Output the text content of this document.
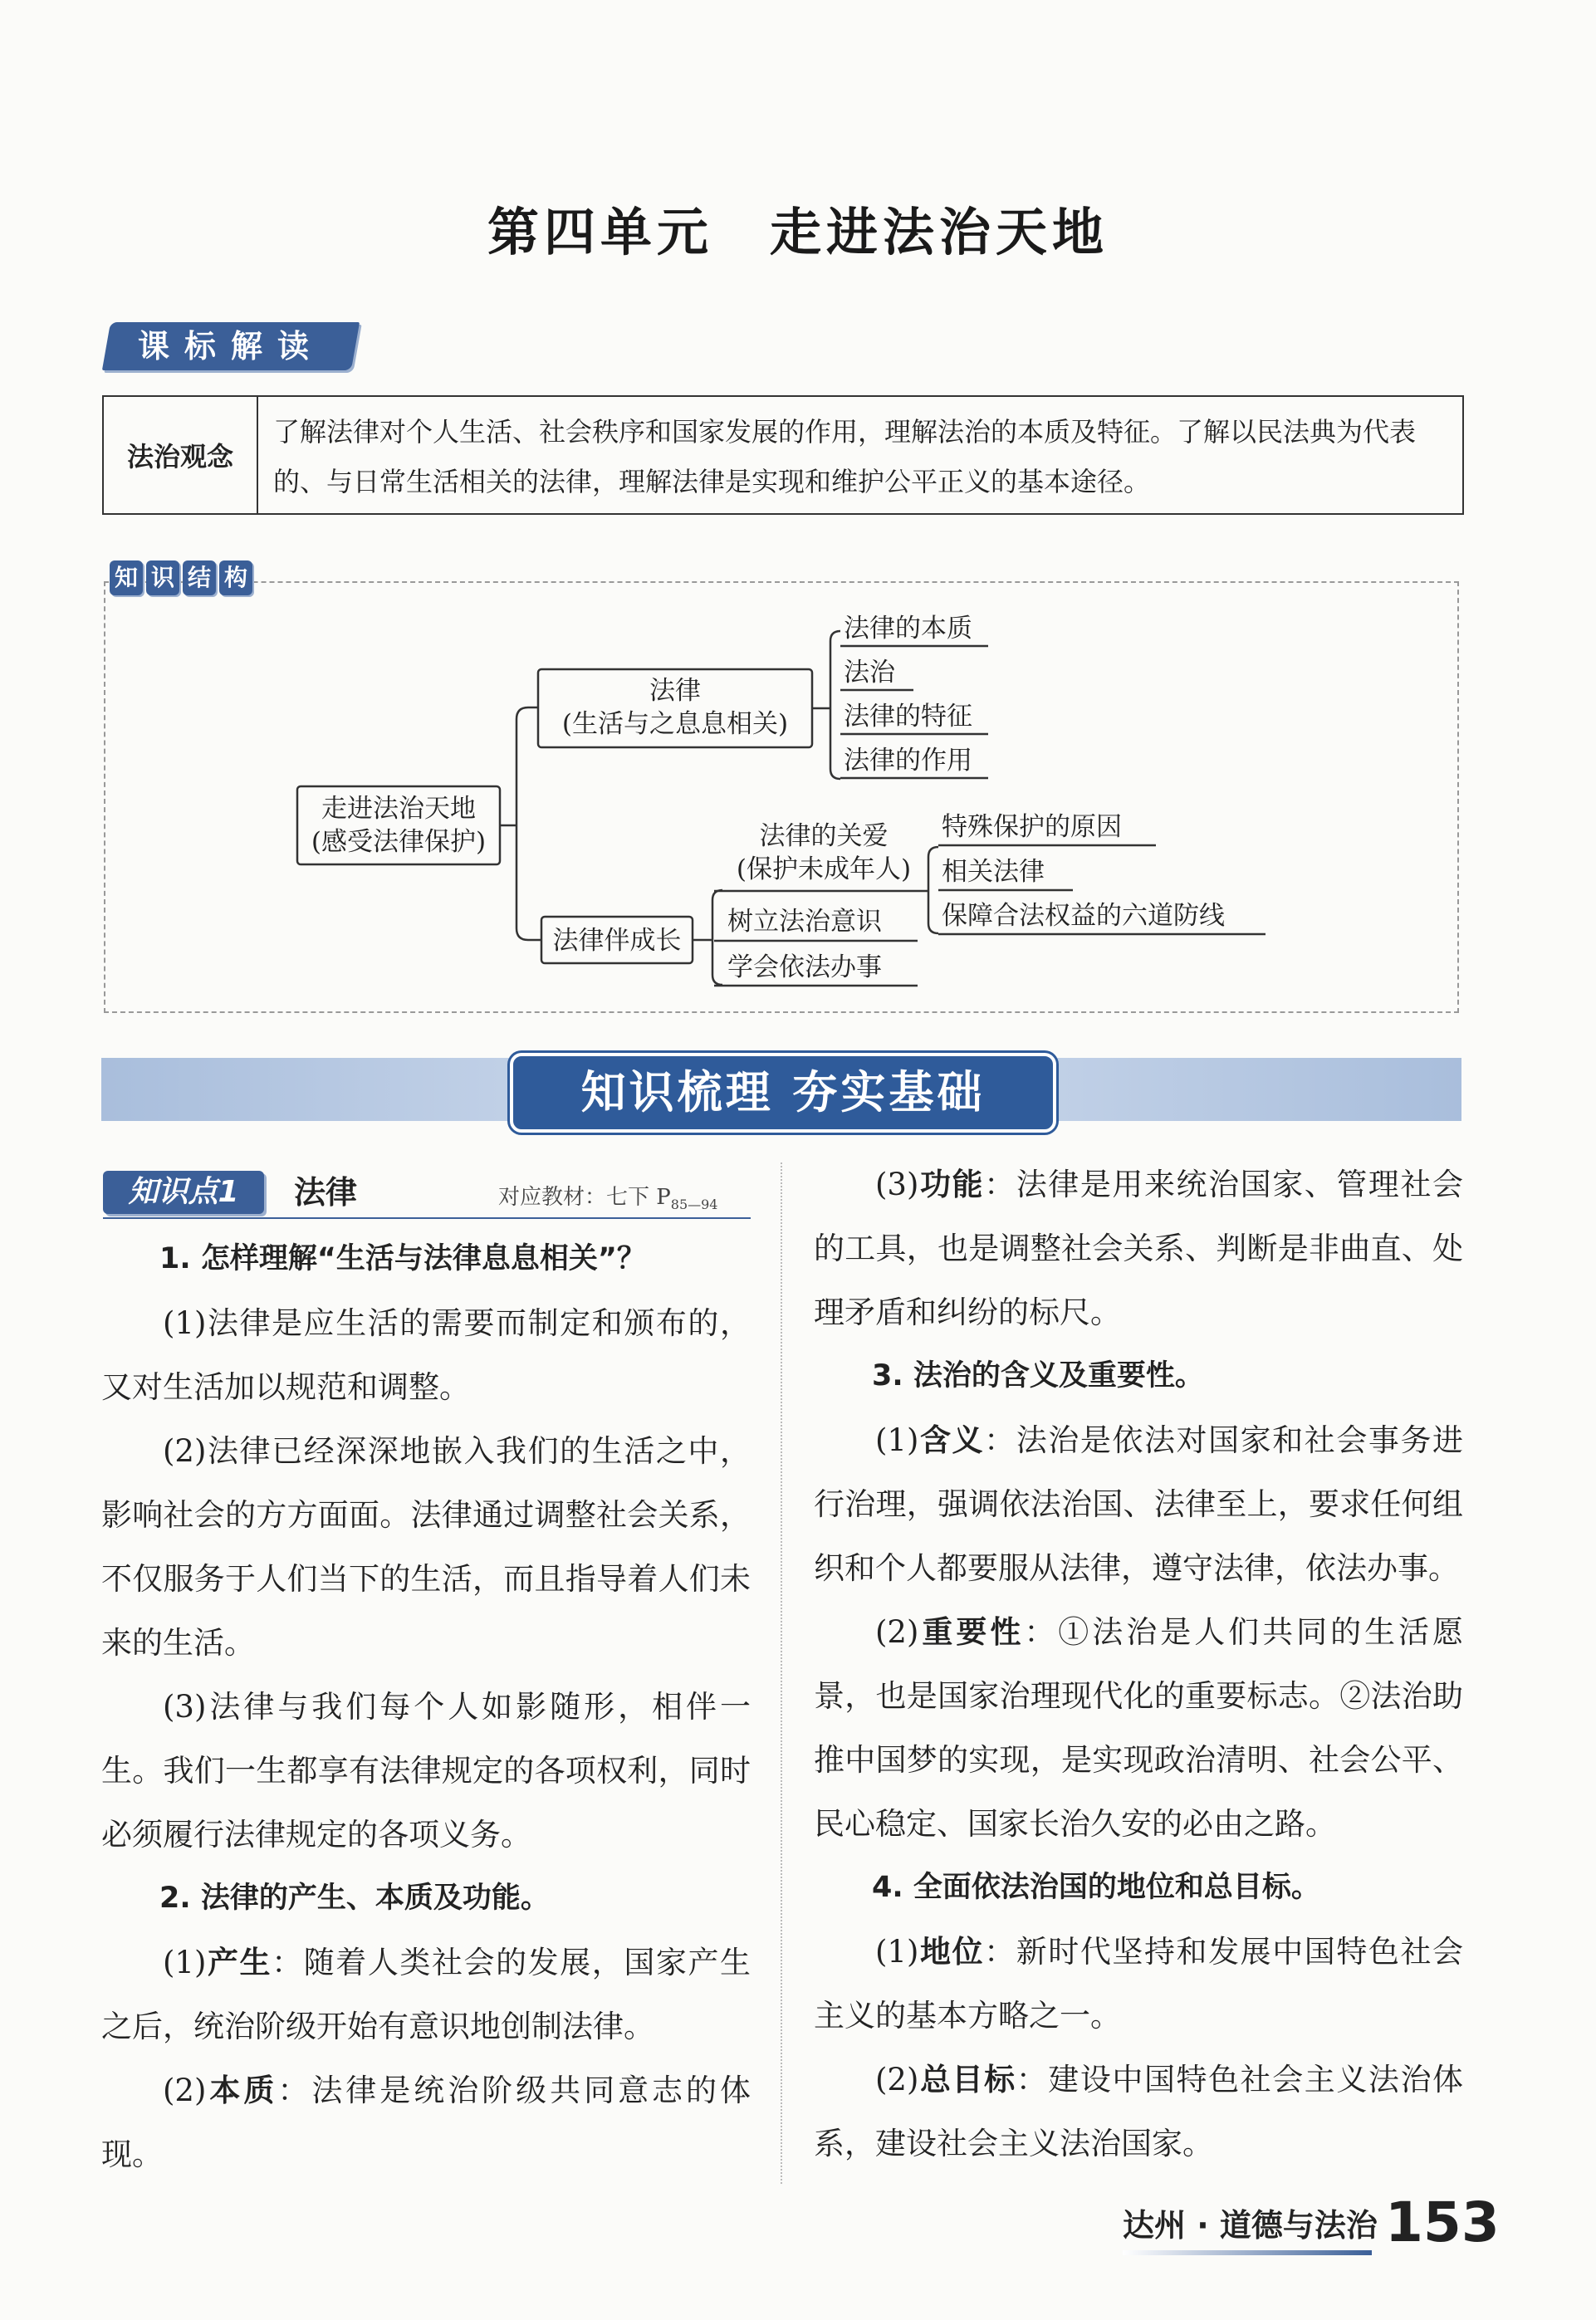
第四单元　走进法治天地
课标解读
法治观念
了解法律对个人生活、社会秩序和国家发展的作用，理解法治的本质及特征。了解以民法典为代表的、与日常生活相关的法律，理解法律是实现和维护公平正义的基本途径。
知 识 结 构
走进法治天地
(感受法律保护)
法律
(生活与之息息相关)
法律的本质
法治
法律的特征
法律的作用
法律伴成长
法律的关爱
(保护未成年人)
树立法治意识
学会依法办事
特殊保护的原因
相关法律
保障合法权益的六道防线
知识梳理 夯实基础
知识点1	法律	对应教材：七下 $P_{85—94}$

1. 怎样理解“生活与法律息息相关”？

(1)法律是应生活的需要而制定和颁布的，又对生活加以规范和调整。

(2)法律已经深深地嵌入我们的生活之中，影响社会的方方面面。法律通过调整社会关系，不仅服务于人们当下的生活，而且指导着人们未来的生活。

(3)法律与我们每个人如影随形，相伴一生。我们一生都享有法律规定的各项权利，同时必须履行法律规定的各项义务。

2. 法律的产生、本质及功能。

(1)产生：随着人类社会的发展，国家产生之后，统治阶级开始有意识地创制法律。

(2)本质：法律是统治阶级共同意志的体现。

(3)功能：法律是用来统治国家、管理社会的工具，也是调整社会关系、判断是非曲直、处理矛盾和纠纷的标尺。

3. 法治的含义及重要性。

(1)含义：法治是依法对国家和社会事务进行治理，强调依法治国、法律至上，要求任何组织和个人都要服从法律，遵守法律，依法办事。

(2)重要性：①法治是人们共同的生活愿景，也是国家治理现代化的重要标志。②法治助推中国梦的实现，是实现政治清明、社会公平、民心稳定、国家长治久安的必由之路。

4. 全面依法治国的地位和总目标。

(1)地位：新时代坚持和发展中国特色社会主义的基本方略之一。

(2)总目标：建设中国特色社会主义法治体系，建设社会主义法治国家。

达州 · 道德与法治 153
